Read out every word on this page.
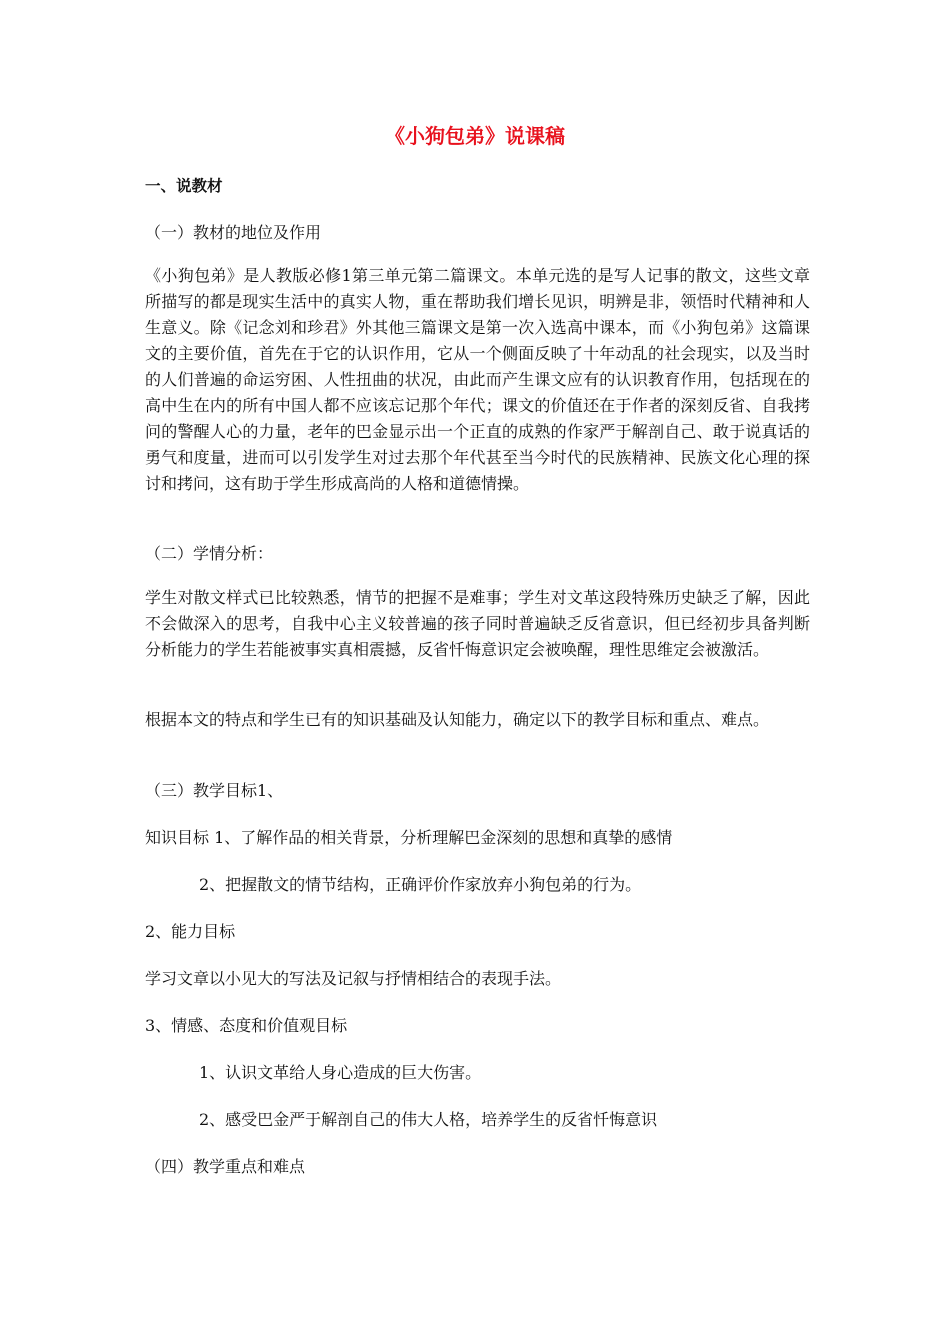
《小狗包弟》说课稿
一、说教材
（一）教材的地位及作用

《小狗包弟》是人教版必修1第三单元第二篇课文。本单元选的是写人记事的散文，这些文章所描写的都是现实生活中的真实人物，重在帮助我们增长见识，明辨是非，领悟时代精神和人生意义。除《记念刘和珍君》外其他三篇课文是第一次入选高中课本，而《小狗包弟》这篇课文的主要价值，首先在于它的认识作用，它从一个侧面反映了十年动乱的社会现实，以及当时的人们普遍的命运穷困、人性扭曲的状况，由此而产生课文应有的认识教育作用，包括现在的高中生在内的所有中国人都不应该忘记那个年代；课文的价值还在于作者的深刻反省、自我拷问的警醒人心的力量，老年的巴金显示出一个正直的成熟的作家严于解剖自己、敢于说真话的勇气和度量，进而可以引发学生对过去那个年代甚至当今时代的民族精神、民族文化心理的探讨和拷问，这有助于学生形成高尚的人格和道德情操。

（二）学情分析：

学生对散文样式已比较熟悉，情节的把握不是难事；学生对文革这段特殊历史缺乏了解，因此不会做深入的思考，自我中心主义较普遍的孩子同时普遍缺乏反省意识，但已经初步具备判断分析能力的学生若能被事实真相震撼，反省忏悔意识定会被唤醒，理性思维定会被激活。

根据本文的特点和学生已有的知识基础及认知能力，确定以下的教学目标和重点、难点。

（三）教学目标1、
知识目标 1、了解作品的相关背景，分析理解巴金深刻的思想和真挚的感情
2、把握散文的情节结构，正确评价作家放弃小狗包弟的行为。
2、能力目标
学习文章以小见大的写法及记叙与抒情相结合的表现手法。
3、情感、态度和价值观目标
1、认识文革给人身心造成的巨大伤害。
2、感受巴金严于解剖自己的伟大人格，培养学生的反省忏悔意识
（四）教学重点和难点
